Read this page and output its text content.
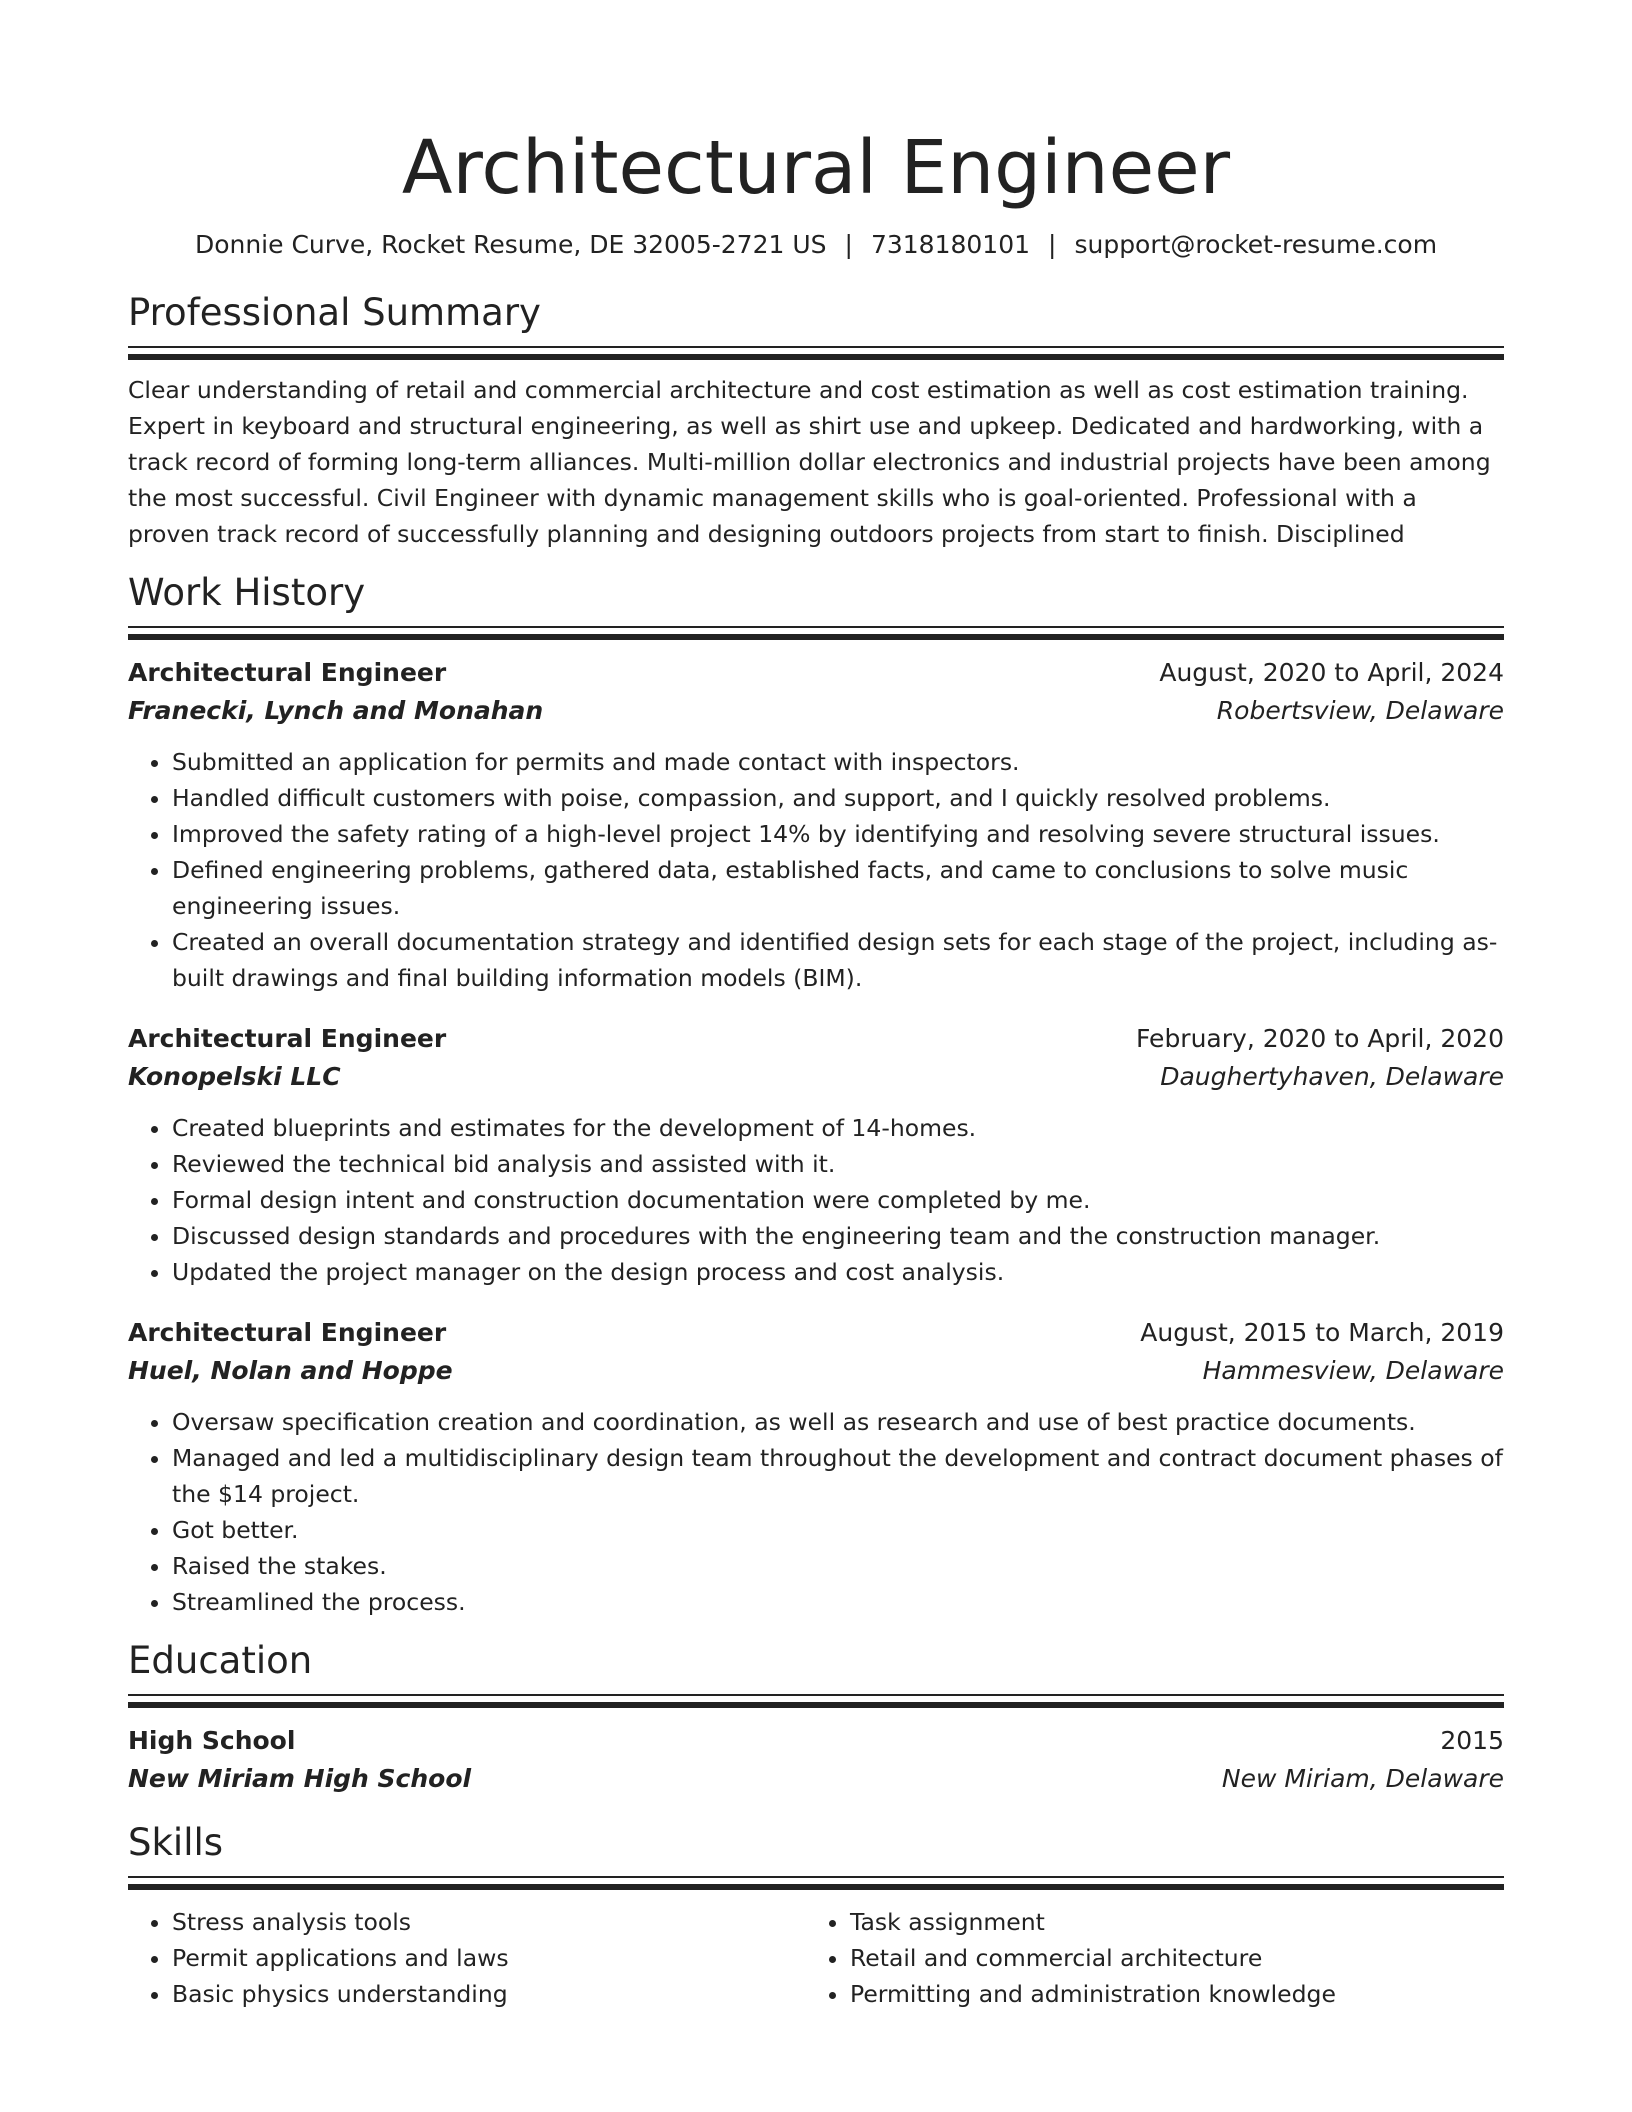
Architectural Engineer
Donnie Curve, Rocket Resume, DE 32005-2721 US | 7318180101 | support@rocket-resume.com
Professional Summary

Clear understanding of retail and commercial architecture and cost estimation as well as cost estimation training. Expert in keyboard and structural engineering, as well as shirt use and upkeep. Dedicated and hardworking, with a track record of forming long-term alliances. Multi-million dollar electronics and industrial projects have been among the most successful. Civil Engineer with dynamic management skills who is goal-oriented. Professional with a proven track record of successfully planning and designing outdoors projects from start to finish. Disciplined

Work History
Architectural Engineer	August, 2020 to April, 2024
Franecki, Lynch and Monahan	Robertsview, Delaware
• Submitted an application for permits and made contact with inspectors.
• Handled difficult customers with poise, compassion, and support, and I quickly resolved problems.
• Improved the safety rating of a high-level project 14% by identifying and resolving severe structural issues.
• Defined engineering problems, gathered data, established facts, and came to conclusions to solve music engineering issues.
• Created an overall documentation strategy and identified design sets for each stage of the project, including as-built drawings and final building information models (BIM).
Architectural Engineer	February, 2020 to April, 2020
Konopelski LLC	Daughertyhaven, Delaware
• Created blueprints and estimates for the development of 14-homes.
• Reviewed the technical bid analysis and assisted with it.
• Formal design intent and construction documentation were completed by me.
• Discussed design standards and procedures with the engineering team and the construction manager.
• Updated the project manager on the design process and cost analysis.
Architectural Engineer	August, 2015 to March, 2019
Huel, Nolan and Hoppe	Hammesview, Delaware
• Oversaw specification creation and coordination, as well as research and use of best practice documents.
• Managed and led a multidisciplinary design team throughout the development and contract document phases of the $14 project.
• Got better.
• Raised the stakes.
• Streamlined the process.
Education
High School	2015
New Miriam High School	New Miriam, Delaware
Skills
• Stress analysis tools
• Permit applications and laws
• Basic physics understanding
• Task assignment
• Retail and commercial architecture
• Permitting and administration knowledge
